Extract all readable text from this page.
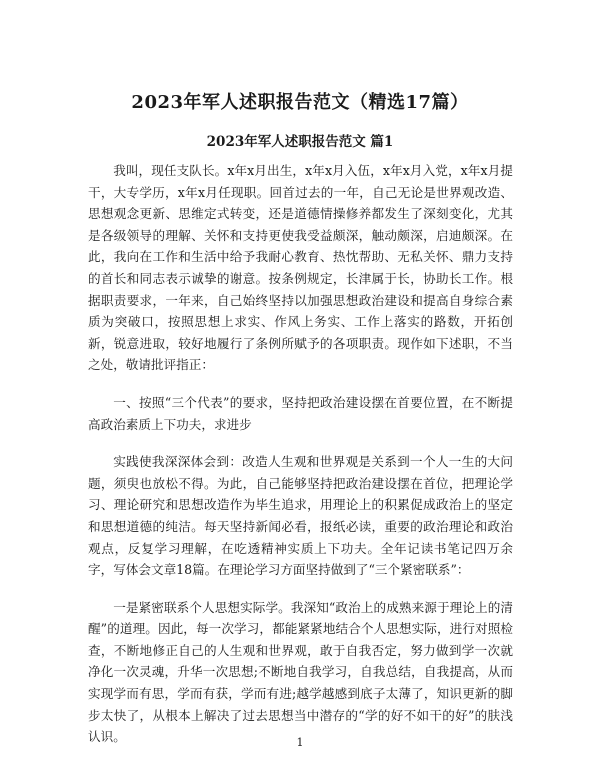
2023年军人述职报告范文（精选17篇）
2023年军人述职报告范文 篇1

我叫，现任支队长。x年x月出生，x年x月入伍，x年x月入党，x年x月提干，大专学历，x年x月任现职。回首过去的一年，自己无论是世界观改造、思想观念更新、思维定式转变，还是道德情操修养都发生了深刻变化，尤其是各级领导的理解、关怀和支持更使我受益颇深，触动颇深，启迪颇深。在此，我向在工作和生活中给予我耐心教育、热忱帮助、无私关怀、鼎力支持的首长和同志表示诚挚的谢意。按条例规定，长津属于长，协助长工作。根据职责要求，一年来，自己始终坚持以加强思想政治建设和提高自身综合素质为突破口，按照思想上求实、作风上务实、工作上落实的路数，开拓创新，锐意进取，较好地履行了条例所赋予的各项职责。现作如下述职，不当之处，敬请批评指正：

一、按照“三个代表”的要求，坚持把政治建设摆在首要位置，在不断提高政治素质上下功夫，求进步

实践使我深深体会到：改造人生观和世界观是关系到一个人一生的大问题，须臾也放松不得。为此，自己能够坚持把政治建设摆在首位，把理论学习、理论研究和思想改造作为毕生追求，用理论上的积累促成政治上的坚定和思想道德的纯洁。每天坚持新闻必看，报纸必读，重要的政治理论和政治观点，反复学习理解，在吃透精神实质上下功夫。全年记读书笔记四万余字，写体会文章18篇。在理论学习方面坚持做到了“三个紧密联系”：

一是紧密联系个人思想实际学。我深知“政治上的成熟来源于理论上的清醒”的道理。因此，每一次学习，都能紧紧地结合个人思想实际，进行对照检查，不断地修正自己的人生观和世界观，敢于自我否定，努力做到学一次就净化一次灵魂，升华一次思想;不断地自我学习，自我总结，自我提高，从而实现学而有思，学而有获，学而有进;越学越感到底子太薄了，知识更新的脚步太快了，从根本上解决了过去思想当中潜存的“学的好不如干的好”的肤浅认识。	1
